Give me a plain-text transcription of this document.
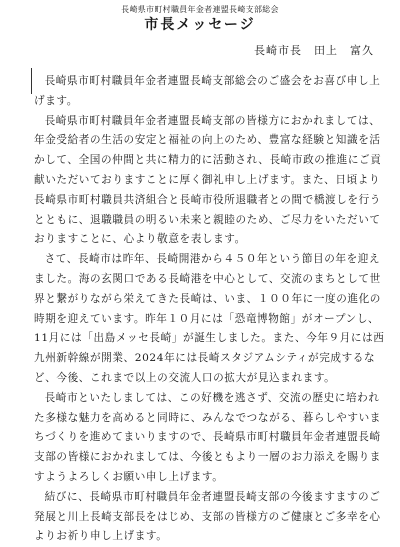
長崎県市町村職員年金者連盟長崎支部総会
市長メッセージ
長崎市長　田上　富久

長崎県市町村職員年金者連盟長崎支部総会のご盛会をお喜び申し上げます。

長崎県市町村職員年金者連盟長崎支部の皆様方におかれましては、年金受給者の生活の安定と福祉の向上のため、豊富な経験と知識を活かして、全国の仲間と共に精力的に活動され、長崎市政の推進にご貢献いただいておりますことに厚く御礼申し上げます。また、日頃より長崎県市町村職員共済組合と長崎市役所退職者との間で橋渡しを行うとともに、退職職員の明るい未来と親睦のため、ご尽力をいただいておりますことに、心より敬意を表します。

さて、長崎市は昨年、長崎開港から４５０年という節目の年を迎えました。海の玄関口である長崎港を中心として、交流のまちとして世界と繋がりながら栄えてきた長崎は、いま、１００年に一度の進化の時期を迎えています。昨年１０月には「恐竜博物館」がオープンし、11月には「出島メッセ長崎」が誕生しました。また、今年９月には西九州新幹線が開業、2024年には長崎スタジアムシティが完成するなど、今後、これまで以上の交流人口の拡大が見込まれます。

長崎市といたしましては、この好機を逃さず、交流の歴史に培われた多様な魅力を高めると同時に、みんなでつながる、暮らしやすいまちづくりを進めてまいりますので、長崎県市町村職員年金者連盟長崎支部の皆様におかれましては、今後ともより一層のお力添えを賜りますようよろしくお願い申し上げます。

結びに、長崎県市町村職員年金者連盟長崎支部の今後ますますのご発展と川上長崎支部長をはじめ、支部の皆様方のご健康とご多幸を心よりお祈り申し上げます。
